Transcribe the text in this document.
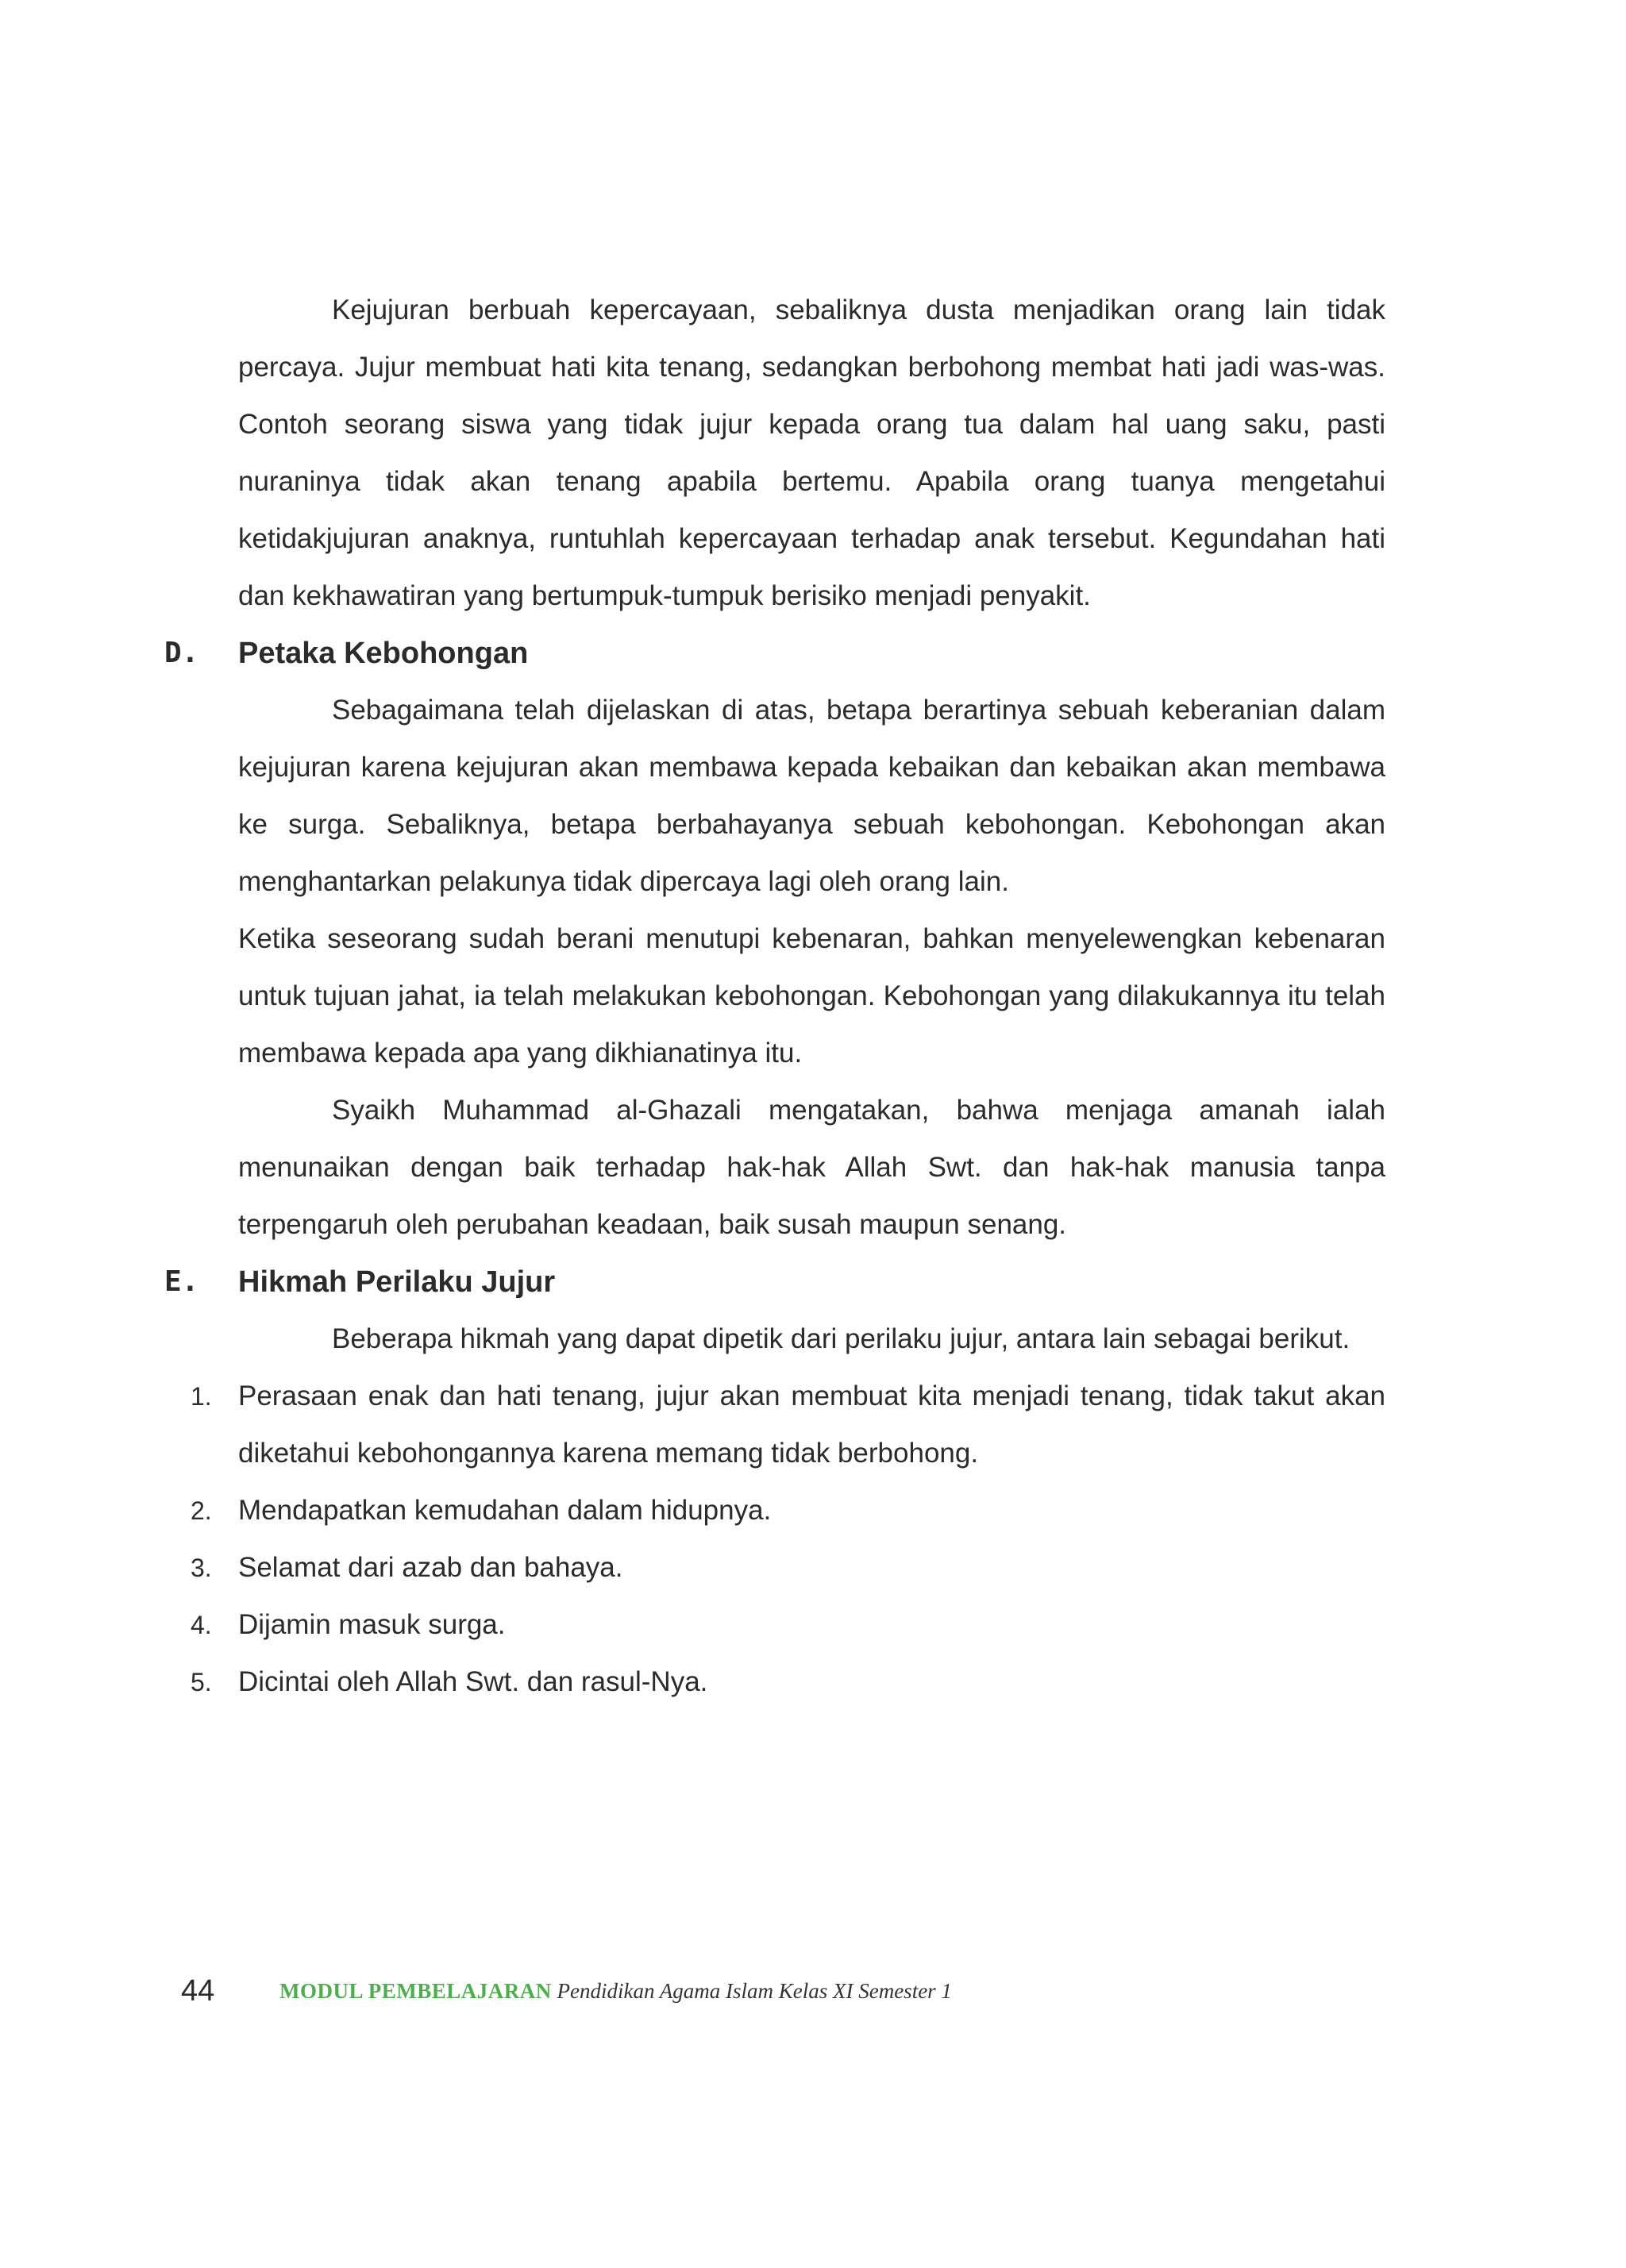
Kejujuran berbuah kepercayaan, sebaliknya dusta menjadikan orang lain tidak percaya. Jujur membuat hati kita tenang, sedangkan berbohong membat hati jadi was-was. Contoh seorang siswa yang tidak jujur kepada orang tua dalam hal uang saku, pasti nuraninya tidak akan tenang apabila bertemu. Apabila orang tuanya mengetahui ketidakjujuran anaknya, runtuhlah kepercayaan terhadap anak tersebut. Kegundahan hati dan kekhawatiran yang bertumpuk-tumpuk berisiko menjadi penyakit.

D. Petaka Kebohongan

Sebagaimana telah dijelaskan di atas, betapa berartinya sebuah keberanian dalam kejujuran karena kejujuran akan membawa kepada kebaikan dan kebaikan akan membawa ke surga. Sebaliknya, betapa berbahayanya sebuah kebohongan. Kebohongan akan menghantarkan pelakunya tidak dipercaya lagi oleh orang lain.

Ketika seseorang sudah berani menutupi kebenaran, bahkan menyelewengkan kebenaran untuk tujuan jahat, ia telah melakukan kebohongan. Kebohongan yang dilakukannya itu telah membawa kepada apa yang dikhianatinya itu.

Syaikh Muhammad al-Ghazali mengatakan, bahwa menjaga amanah ialah menunaikan dengan baik terhadap hak-hak Allah Swt. dan hak-hak manusia tanpa terpengaruh oleh perubahan keadaan, baik susah maupun senang.

E. Hikmah Perilaku Jujur

Beberapa hikmah yang dapat dipetik dari perilaku jujur, antara lain sebagai berikut.

1. Perasaan enak dan hati tenang, jujur akan membuat kita menjadi tenang, tidak takut akan diketahui kebohongannya karena memang tidak berbohong.
2. Mendapatkan kemudahan dalam hidupnya.
3. Selamat dari azab dan bahaya.
4. Dijamin masuk surga.
5. Dicintai oleh Allah Swt. dan rasul-Nya.
44	MODUL PEMBELAJARAN Pendidikan Agama Islam Kelas XI Semester 1
